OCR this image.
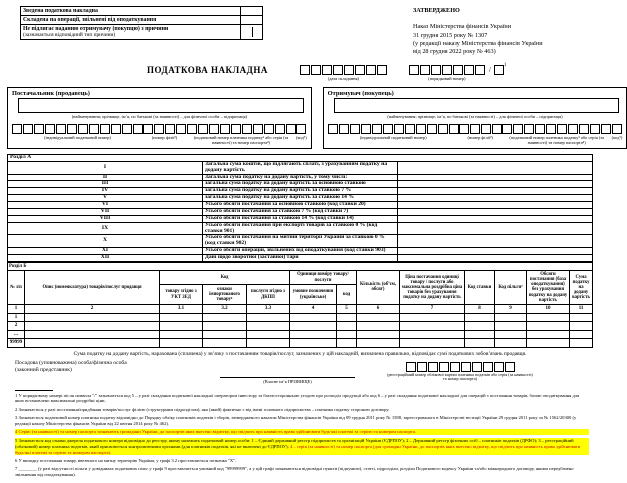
Зведена податкова накладна	

Складена на операції, звільнені від оподаткування	

Не підлягає наданню отримувачу (покупцю) з причини
(зазначається відповідний тип причини)	

ЗАТВЕРДЖЕНО
Наказ Міністерства фінансів України
31 грудня 2015 року № 1307
(у редакції наказу Міністерства фінансів України
від 28 грудня 2022 року № 463)
ПОДАТКОВА НАКЛАДНА
(дата складання)	(порядковий номер)
/	$^1$
Постачальник (продавець)
(найменування; прізвище, ім’я, по батькові (за наявності) – для фізичної особи – підприємця)
(індивідуальний податковий номер)	(номер філії²)	(податковий номер платника податку³ або серія (за наявності) та номер паспорта⁴)
(код⁵)
Отримувач (покупець)
(найменування; прізвище, ім’я, по батькові (за наявності) – для фізичної особи – підприємця)
(індивідуальний податковий номер)	(номер філії²)	(податковий номер платника податку³ або серія (за наявності) та номер паспорта⁴)
(код⁵)
Розділ А		
I	Загальна сума коштів, що підлягають сплаті, з урахуванням податку на додану вартість	
II	Загальна сума податку на додану вартість, у тому числі:	
III	загальна сума податку на додану вартість за основною ставкою	
IV	загальна сума податку на додану вартість за ставкою 7 %	
V	загальна сума податку на додану вартість за ставкою 14 %	
VI	Усього обсяги постачання за основною ставкою (код ставки 20)	
VII	Усього обсяги постачання за ставкою 7 % (код ставки 7)	
VIII	Усього обсяги постачання за ставкою 14 % (код ставки 14)	
IX	Усього обсяги постачання при експорті товарів за ставкою 0 % (код ставки 901)	
X	Усього обсяги постачання на митній території України за ставкою 0 % (код ставки 902)	
XI	Усього обсяги операцій, звільнених від оподаткування (код ставки 903)	
XII	Дані щодо зворотної (заставної) тари	
Розділ Б												
№ з/п	Опис (номенклатура) товарів/послуг продавця	Код			Одиниця виміру товару/послуги		Кількість (об’єм, обсяг)	Ціна постачання одиниці товару / послуги або максимальна роздрібна ціна товарів без урахування податку на додану вартість	Код ставки	Код пільги⁷	Обсяги постачання (база оподаткування) без урахування податку на додану вартість	Сума податку на додану вартість
		товару згідно з УКТ ЗЕД	ознаки імпортованого товару⁶	послуги згідно з ДКПП	умовне позначення (українське)	код						
1	2	3.1	3.2	3.3	4	5	6	7	8	9	10	11
1												
2												
…												
99999												
Сума податку на додану вартість, нарахована (сплачена) у зв’язку з постачанням товарів/послуг, зазначених у цій накладній, визначена правильно, відповідає сумі податкових зобов’язань продавця.
Посадова (уповноважена) особа/фізична особа
(законний представник)
(Власне ім’я ПРІЗВИЩЕ)
(реєстраційний номер облікової картки платника податків або серія (за наявності) та номер паспорта)
1 У порядковому номері після символа "/" зазначається код 5 – у разі складання податкової накладної оператором інвестору за багатосторонньою угодою про розподіл продукції або код 6 – у разі складання податкової накладної для операцій з постачання товарів, базою оподаткування для яких встановлено максимальні роздрібні ціни.
2 Зазначається у разі постачання/придбання товарів/послуг філією (структурним підрозділом), яка (який) фактично є від імені головного підприємства – платника податку стороною договору.
3 Зазначається податковий номер платника податку відповідно до Порядку обліку платників податків і зборів, затвердженого наказом Міністерства фінансів України від 09 грудня 2011 року № 1588, зареєстрованого в Міністерстві юстиції України 29 грудня 2011 року за № 1562/20300 (у редакції наказу Міністерства фінансів України від 22 квітня 2014 року № 462).
4 Серію (за наявності) та номер паспорта зазначають громадяни України, до паспортів яких внесено відмітку, що свідчить про наявність права здійснювати будь-які платежі за серією та номером паспорта.
5 Зазначається код ознаки джерела податкового номера відповідно до реєстру, якому належить податковий номер особи: 1 – Єдиний державний реєстр підприємств та організацій України (ЄДРПОУ); 2 – Державний реєстр фізичних осіб – платників податків (ДРФО); 3 – реєстраційний (обліковий) номер платника податків, який присвоюється контролюючими органами (для платників податків, які не включені до ЄДРПОУ); 4 – серія (за наявності) та номер паспорта (для громадян України, до паспортів яких внесено відмітку, що свідчить про наявність права здійснювати будь-які платежі за серією та номером паспорта).
6 У випадку постачання товару, ввезеного на митну територію України, у графі 3.2 проставляється позначка "Х".
7 ________ (у разі відсутності пільги у довідниках податкових пільг у графі 9 проставляється умовний код "99999999", а у цій графі зазначаються відповідні пункти (підпункти), статті, підрозділи, розділи Податкового кодексу України та/або міжнародного договору, якими передбачено звільнення від оподаткування).
